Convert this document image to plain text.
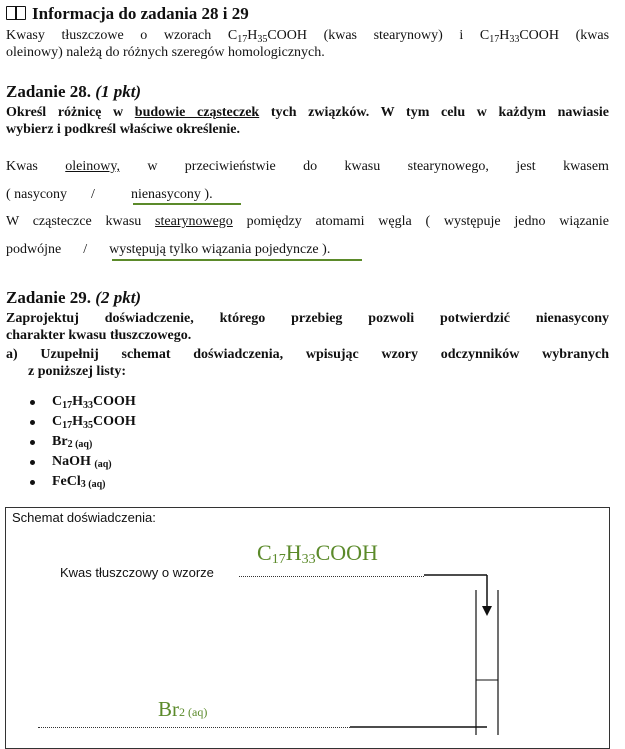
Informacja do zadania 28 i 29
Kwasy tłuszczowe o wzorach $C_{17}H_{35}COOH$ (kwas stearynowy) i $C_{17}H_{33}COOH$ (kwas
oleinowy) należą do różnych szeregów homologicznych.
Zadanie 28. (1 pkt)
Określ różnicę w budowie cząsteczek tych związków. W tym celu w każdym nawiasie
wybierz i podkreśl właściwe określenie.
Kwas oleinowy, w przeciwieństwie do kwasu stearynowego, jest kwasem
( nasycony /	nienasycony ).
W cząsteczce kwasu stearynowego pomiędzy atomami węgla ( występuje jedno wiązanie
podwójne / występują tylko wiązania pojedyncze ).
Zadanie 29. (2 pkt)
Zaprojektuj doświadczenie, którego przebieg pozwoli potwierdzić nienasycony
charakter kwasu tłuszczowego.
a) Uzupełnij schemat doświadczenia, wpisując wzory odczynników wybranych
z poniższej listy:
$C_{17}H_{33}COOH$
$C_{17}H_{35}COOH$
Br2 (aq)
NaOH (aq)
FeCl3 (aq)
Schemat doświadczenia:
$C_{17}H_{33}COOH$
Kwas tłuszczowy o wzorze
Br2 (aq)
